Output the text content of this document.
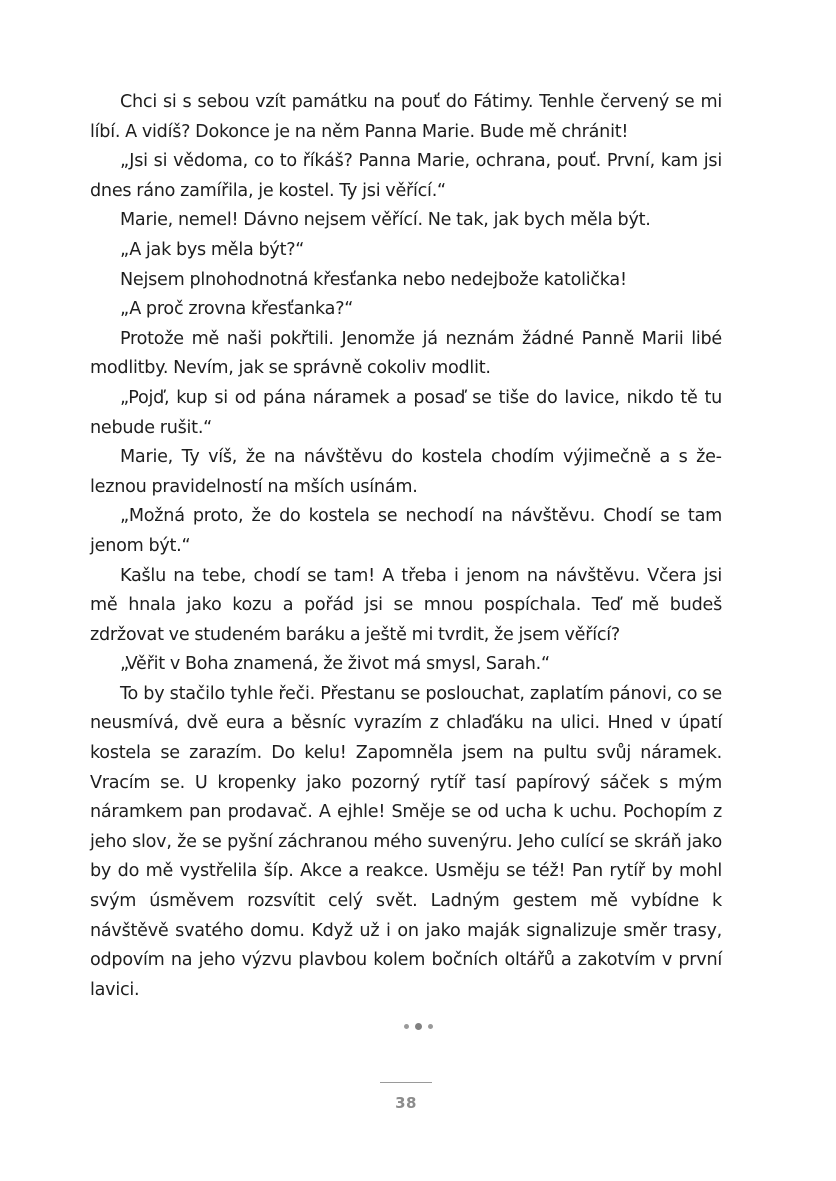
Chci si s sebou vzít památku na pouť do Fátimy. Tenhle červený se mi líbí. A vidíš? Dokonce je na něm Panna Marie. Bude mě chránit!

„Jsi si vědoma, co to říkáš? Panna Marie, ochrana, pouť. První, kam jsi dnes ráno zamířila, je kostel. Ty jsi věřící.“

Marie, nemel! Dávno nejsem věřící. Ne tak, jak bych měla být.

„A jak bys měla být?“

Nejsem plnohodnotná křesťanka nebo nedejbože katolička!

„A proč zrovna křesťanka?“

Protože mě naši pokřtili. Jenomže já neznám žádné Panně Marii libé modlitby. Nevím, jak se správně cokoliv modlit.

„Pojď, kup si od pána náramek a posaď se tiše do lavice, nikdo tě tu nebude rušit.“

Marie, Ty víš, že na návštěvu do kostela chodím výjimečně a s železnou pravidelností na mších usínám.

„Možná proto, že do kostela se nechodí na návštěvu. Chodí se tam jenom být.“

Kašlu na tebe, chodí se tam! A třeba i jenom na návštěvu. Včera jsi mě hnala jako kozu a pořád jsi se mnou pospíchala. Teď mě budeš zdržovat ve studeném baráku a ještě mi tvrdit, že jsem věřící?

„Věřit v Boha znamená, že život má smysl, Sarah.“

To by stačilo tyhle řeči. Přestanu se poslouchat, zaplatím pánovi, co se neusmívá, dvě eura a běsníc vyrazím z chlaďáku na ulici. Hned v úpatí kostela se zarazím. Do kelu! Zapomněla jsem na pultu svůj náramek. Vracím se. U kropenky jako pozorný rytíř tasí papírový sáček s mým náramkem pan prodavač. A ejhle! Směje se od ucha k uchu. Pochopím z jeho slov, že se pyšní záchranou mého suvenýru. Jeho culící se skráň jako by do mě vystřelila šíp. Akce a reakce. Usměju se též! Pan rytíř by mohl svým úsměvem rozsvítit celý svět. Ladným gestem mě vybídne k návštěvě svatého domu. Když už i on jako maják signalizuje směr trasy, odpovím na jeho výzvu plavbou kolem bočních oltářů a zakotvím v první lavici.

38
